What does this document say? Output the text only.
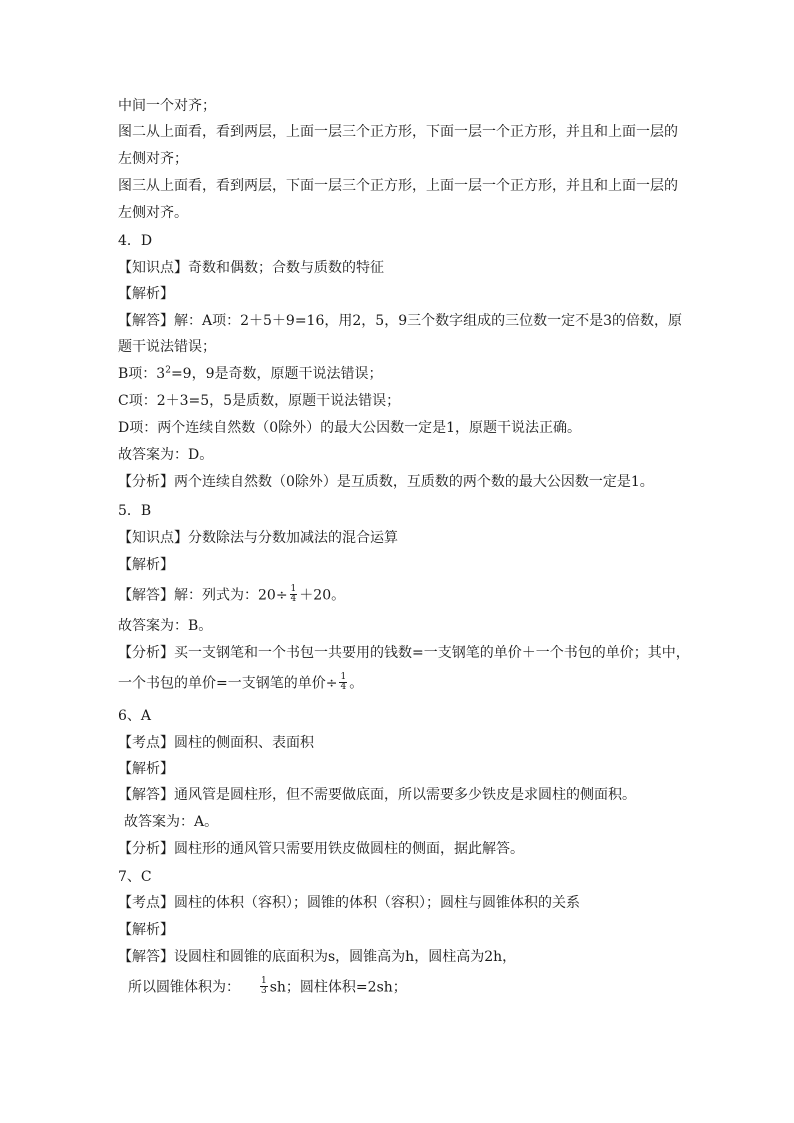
中间一个对齐；
图二从上面看，看到两层，上面一层三个正方形，下面一层一个正方形，并且和上面一层的
左侧对齐；
图三从上面看，看到两层，下面一层三个正方形，上面一层一个正方形，并且和上面一层的
左侧对齐。
4．D
【知识点】奇数和偶数；合数与质数的特征
【解析】
【解答】解：A项：2＋5＋9=16，用2，5，9三个数字组成的三位数一定不是3的倍数，原
题干说法错误；
B项：$3^2=9$，9是奇数，原题干说法错误；
C项：2＋3=5，5是质数，原题干说法错误；
D项：两个连续自然数（0除外）的最大公因数一定是1，原题干说法正确。
故答案为：D。
【分析】两个连续自然数（0除外）是互质数，互质数的两个数的最大公因数一定是1。
5．B
【知识点】分数除法与分数加减法的混合运算
【解析】
【解答】解：列式为：$20\div \frac{1}{4} +20$。
故答案为：B。
【分析】买一支钢笔和一个书包一共要用的钱数=一支钢笔的单价＋一个书包的单价；其中，
一个书包的单价=一支钢笔的单价÷ $\frac{1}{4}$ 。
6、A
【考点】圆柱的侧面积、表面积
【解析】
【解答】通风管是圆柱形，但不需要做底面，所以需要多少铁皮是求圆柱的侧面积。
故答案为：A。
【分析】圆柱形的通风管只需要用铁皮做圆柱的侧面，据此解答。
7、C
【考点】圆柱的体积（容积）；圆锥的体积（容积）；圆柱与圆锥体积的关系
【解析】
【解答】设圆柱和圆锥的底面积为s，圆锥高为h，圆柱高为2h，
所以圆锥体积为： $\frac{1}{3}$ sh；圆柱体积=2sh；
